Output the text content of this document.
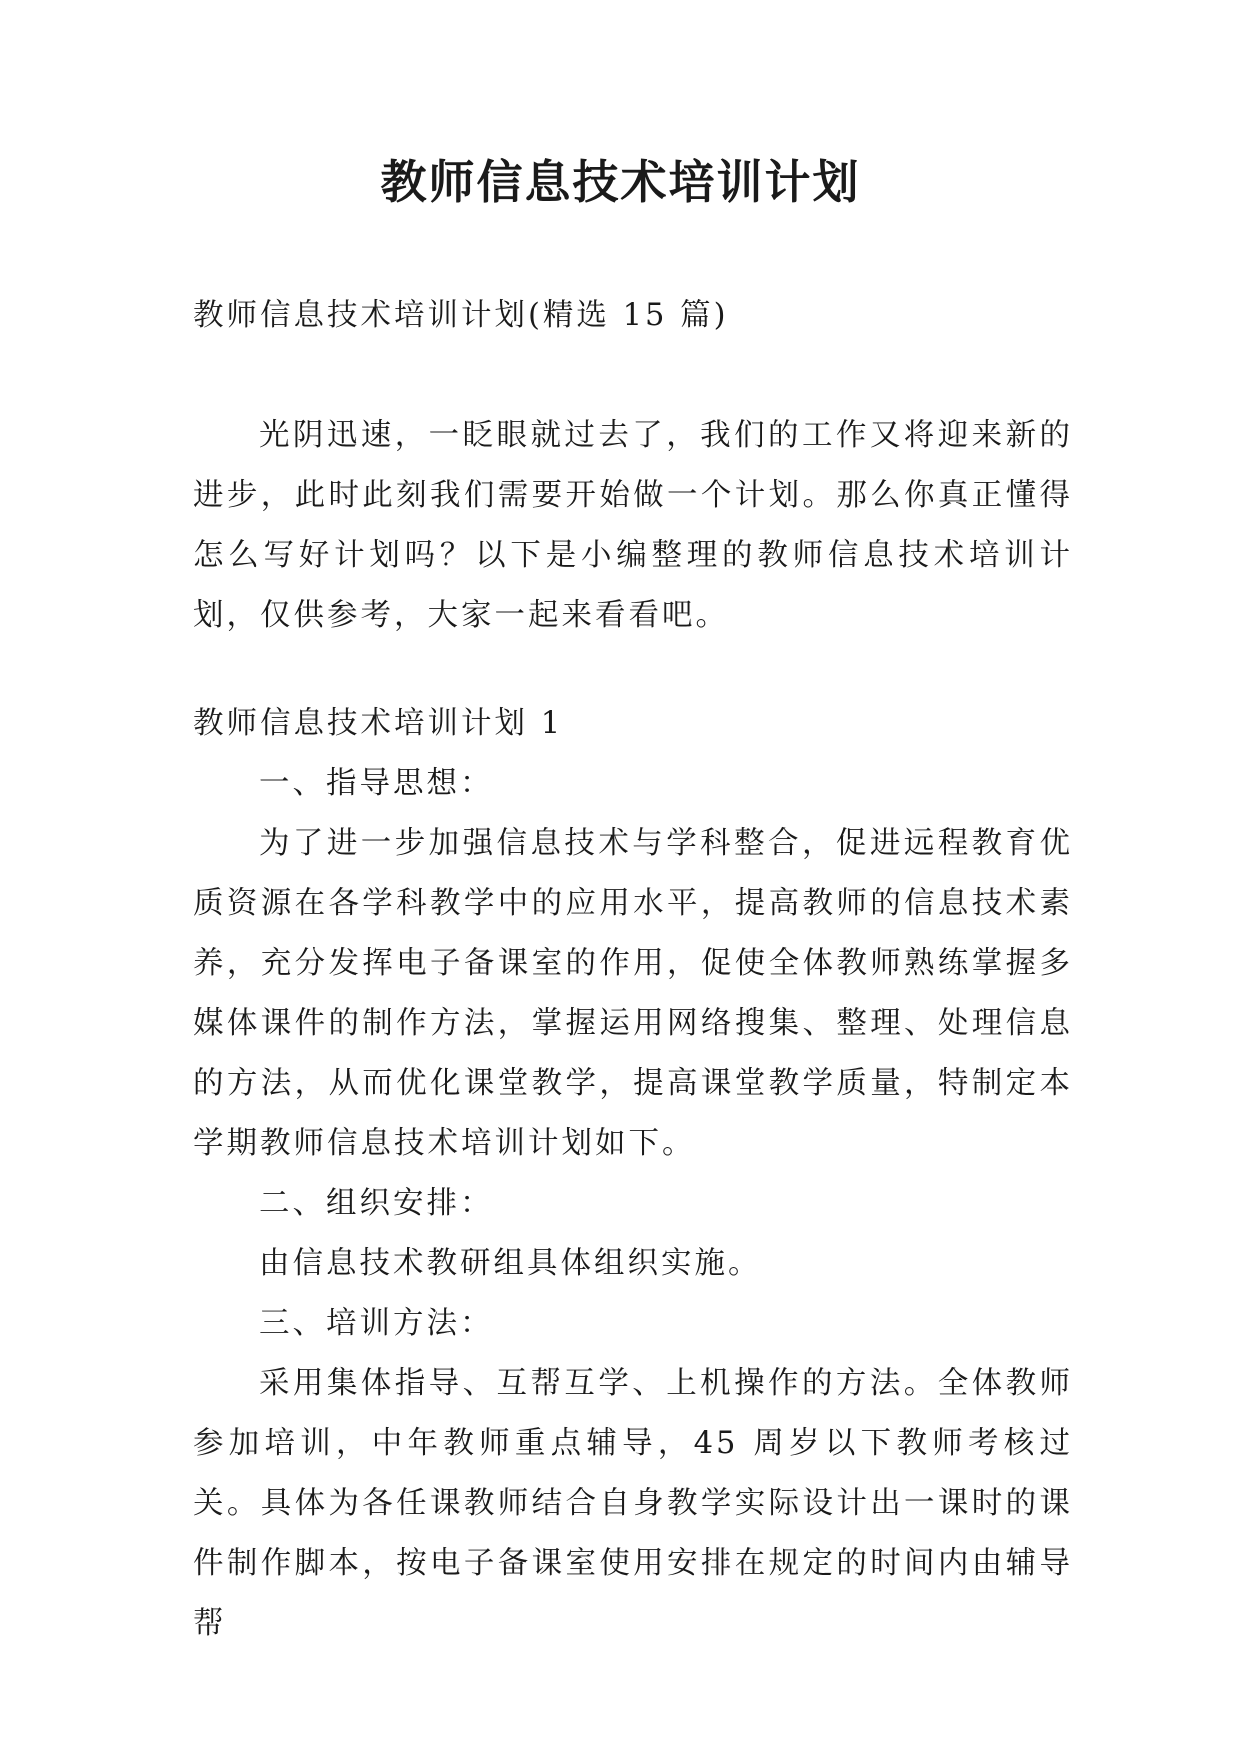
教师信息技术培训计划

教师信息技术培训计划(精选 15 篇)

光阴迅速，一眨眼就过去了，我们的工作又将迎来新的进步，此时此刻我们需要开始做一个计划。那么你真正懂得怎么写好计划吗？以下是小编整理的教师信息技术培训计划，仅供参考，大家一起来看看吧。

教师信息技术培训计划 1

一、指导思想：

为了进一步加强信息技术与学科整合，促进远程教育优质资源在各学科教学中的应用水平，提高教师的信息技术素养，充分发挥电子备课室的作用，促使全体教师熟练掌握多媒体课件的制作方法，掌握运用网络搜集、整理、处理信息的方法，从而优化课堂教学，提高课堂教学质量，特制定本学期教师信息技术培训计划如下。

二、组织安排：

由信息技术教研组具体组织实施。

三、培训方法：

采用集体指导、互帮互学、上机操作的方法。全体教师参加培训，中年教师重点辅导，45 周岁以下教师考核过关。具体为各任课教师结合自身教学实际设计出一课时的课件制作脚本，按电子备课室使用安排在规定的时间内由辅导帮
